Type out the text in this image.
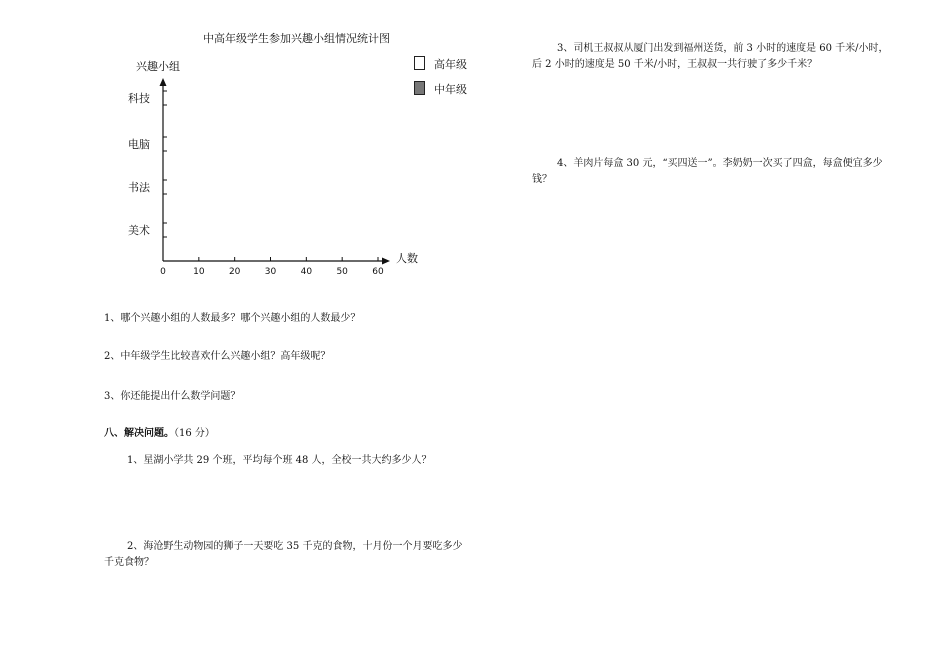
中高年级学生参加兴趣小组情况统计图
兴趣小组
人数
0	10	20	30	40	50	60
科技
电脑
书法
美术
高年级
中年级
1、哪个兴趣小组的人数最多？哪个兴趣小组的人数最少？
2、中年级学生比较喜欢什么兴趣小组？高年级呢？
3、你还能提出什么数学问题？
八、解决问题。（16 分）
1、星湖小学共 29 个班，平均每个班 48 人，全校一共大约多少人？
2、海沧野生动物园的狮子一天要吃 35 千克的食物，十月份一个月要吃多少
千克食物？
3、司机王叔叔从厦门出发到福州送货，前 3 小时的速度是 60 千米/小时，
后 2 小时的速度是 50 千米/小时，王叔叔一共行驶了多少千米？
4、羊肉片每盒 30 元，“买四送一”。李奶奶一次买了四盒，每盒便宜多少
钱？
